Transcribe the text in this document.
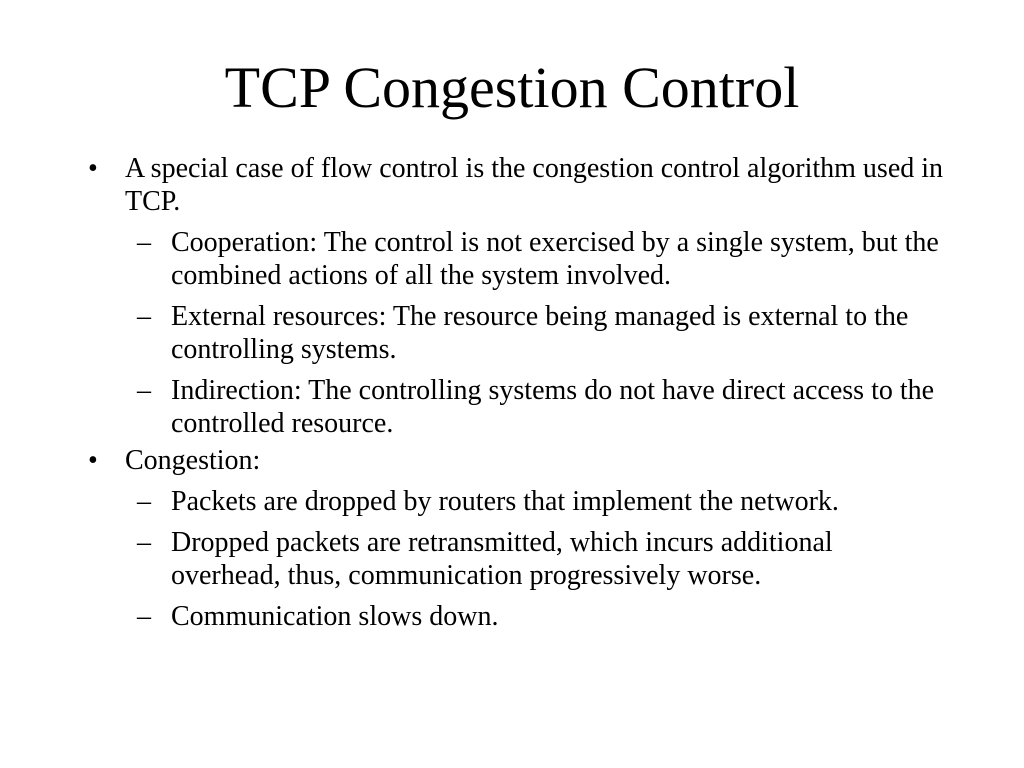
TCP Congestion Control
• A special case of flow control is the congestion control algorithm used in TCP.
– Cooperation: The control is not exercised by a single system, but the combined actions of all the system involved.
– External resources: The resource being managed is external to the controlling systems.
– Indirection: The controlling systems do not have direct access to the controlled resource.
• Congestion:
– Packets are dropped by routers that implement the network.
– Dropped packets are retransmitted, which incurs additional overhead, thus, communication progressively worse.
– Communication slows down.
